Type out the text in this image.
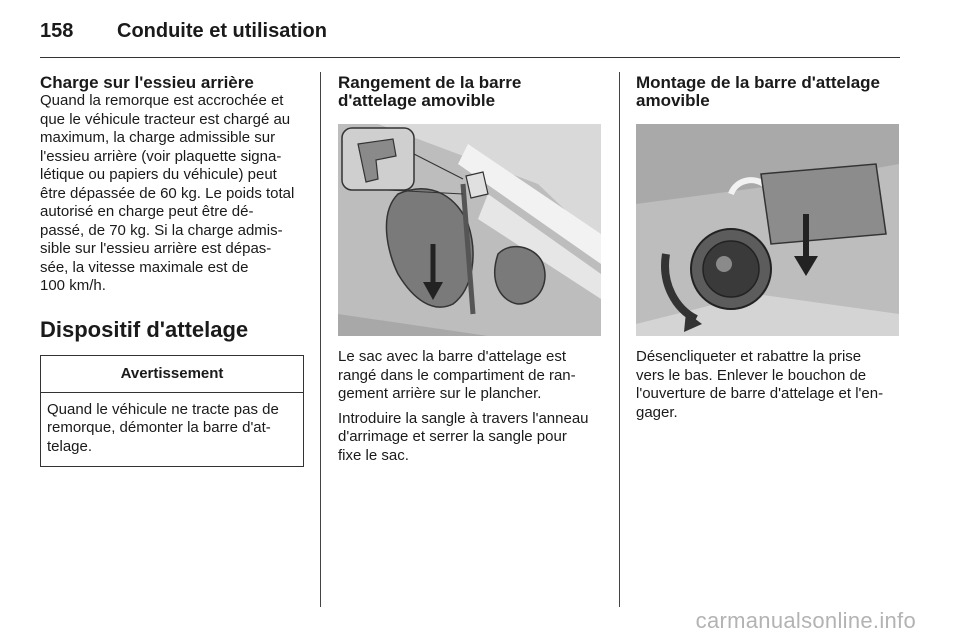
158	Conduite et utilisation
Charge sur l'essieu arrière

Quand la remorque est accrochée et
que le véhicule tracteur est chargé au
maximum, la charge admissible sur
l'essieu arrière (voir plaquette signa-
létique ou papiers du véhicule) peut
être dépassée de 60 kg. Le poids total
autorisé en charge peut être dé-
passé, de 70 kg. Si la charge admis-
sible sur l'essieu arrière est dépas-
sée, la vitesse maximale est de
100 km/h.

Dispositif d'attelage
Avertissement
Quand le véhicule ne tracte pas de
remorque, démonter la barre d'at-
telage.
Rangement de la barre
d'attelage amovible

Le sac avec la barre d'attelage est
rangé dans le compartiment de ran-
gement arrière sur le plancher.

Introduire la sangle à travers l'anneau
d'arrimage et serrer la sangle pour
fixe le sac.

Montage de la barre d'attelage
amovible

Désencliqueter et rabattre la prise
vers le bas. Enlever le bouchon de
l'ouverture de barre d'attelage et l'en-
gager.

carmanualsonline.info
